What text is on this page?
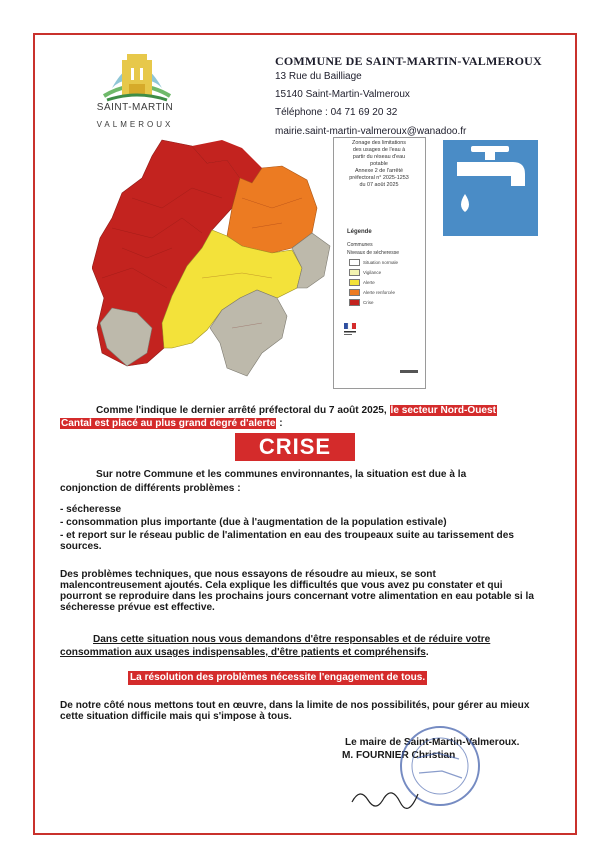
SAINT-MARTIN
VALMEROUX
COMMUNE DE SAINT-MARTIN-VALMEROUX
13 Rue du Bailliage
15140 Saint-Martin-Valmeroux
Téléphone : 04 71 69 20 32
mairie.saint-martin-valmeroux@wanadoo.fr
Zonage des limitations
des usages de l'eau à
partir du réseau d'eau
potable
Annexe 2 de l'arrêté
préfectoral n° 2025-1253
du 07 août 2025
Légende
Communes
Niveaux de sécheresse
Situation normale
Vigilance
Alerte
Alerte renforcée
Crise
Comme l'indique le dernier arrêté préfectoral du 7 août 2025, le secteur Nord-Ouest
Cantal est placé au plus grand degré d'alerte :
CRISE
Sur notre Commune et les communes environnantes, la situation est due à la
conjonction de différents problèmes :
- sécheresse
- consommation plus importante (due à l'augmentation de la population estivale)
- et report sur le réseau public de l'alimentation en eau des troupeaux suite au tarissement des sources.
Des problèmes techniques, que nous essayons de résoudre au mieux, se sont malencontreusement ajoutés. Cela explique les difficultés que vous avez pu constater et qui pourront se reproduire dans les prochains jours concernant votre alimentation en eau potable si la sécheresse prévue est effective.
Dans cette situation nous vous demandons d'être responsables et de réduire votre
consommation aux usages indispensables, d'être patients et compréhensifs.
La résolution des problèmes nécessite l'engagement de tous.
De notre côté nous mettons tout en œuvre, dans la limite de nos possibilités, pour gérer au mieux cette situation difficile mais qui s'impose à tous.
Le maire de Saint-Martin-Valmeroux.
M. FOURNIER Christian
